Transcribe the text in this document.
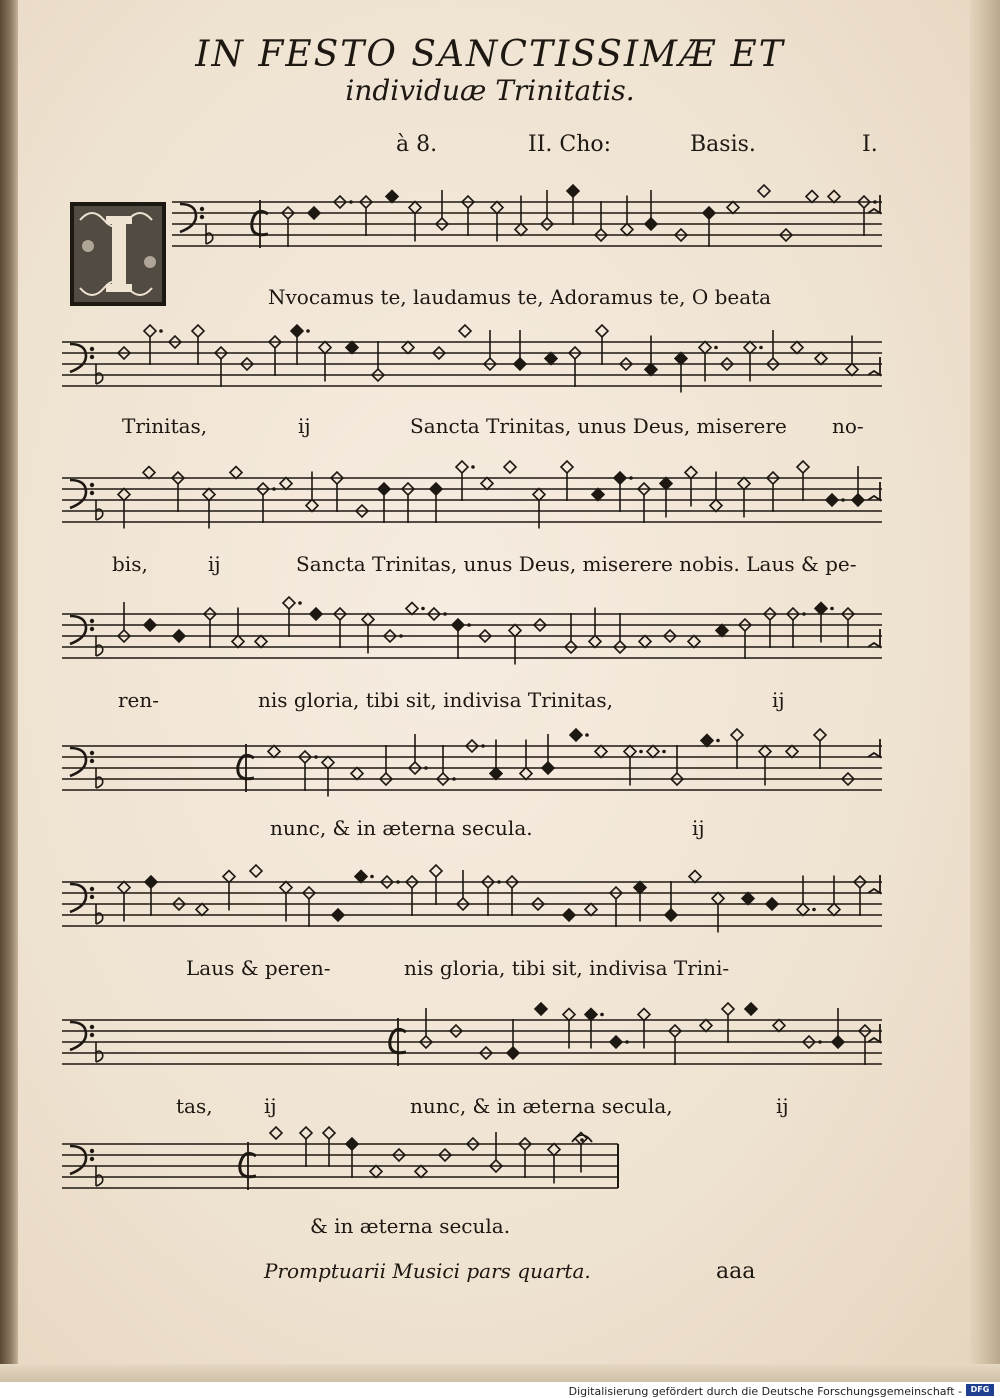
IN FESTO SANCTISSIMÆ ET
individuæ Trinitatis.
à 8.	II. Cho:	Basis.	I.
Nvocamus te, laudamus te, Adoramus te, O beata
Trinitas,	ij	Sancta Trinitas, unus Deus, miserere no-
bis,	ij	Sancta Trinitas, unus Deus, miserere nobis. Laus & pe-
ren-	nis gloria, tibi sit, indivisa Trinitas,	ij
nunc, & in æterna secula.	ij
Laus & peren-	nis gloria, tibi sit, indivisa Trini-
tas,	ij	nunc, & in æterna secula,	ij
& in æterna secula.
Promptuarii Musici pars quarta.	aaa
Digitalisierung gefördert durch die Deutsche Forschungsgemeinschaft -	DFG
